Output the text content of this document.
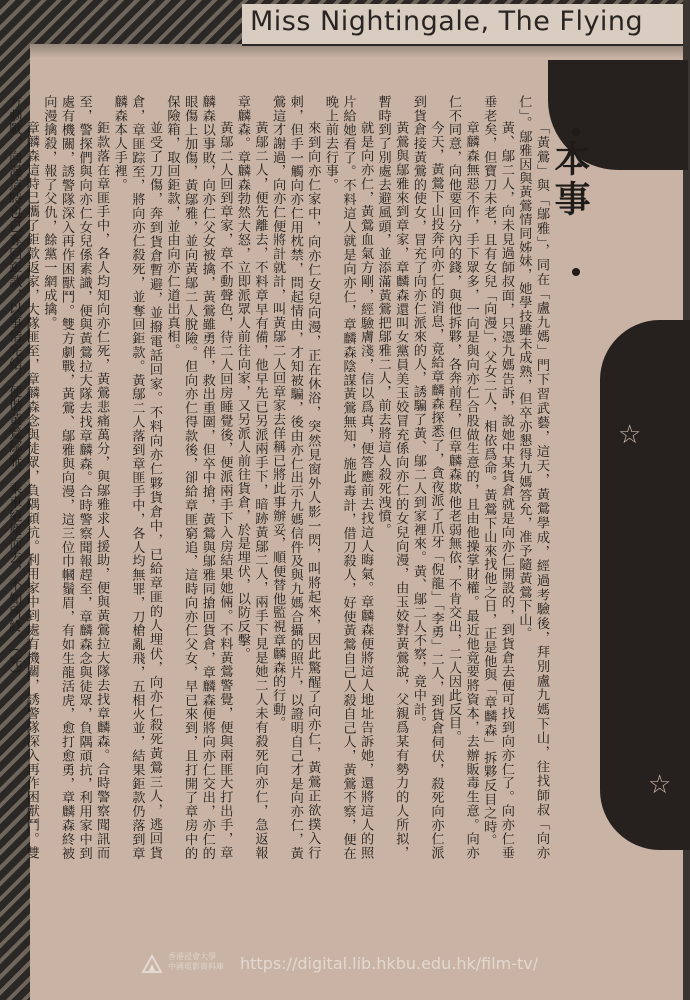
Miss Nightingale, The Flying
☆
☆
本事

「黃鶯」與「鄔雅」，同在「盧九媽」門下習武藝，這天，黃鶯學成，經過考驗後，拜別盧九媽下山，往找師叔「向亦仁」。鄔雅因與黃鶯情同姊妹，她學技雖未成熟，但卒亦懇得九媽答允，准予隨黃鶯下山。

黃、鄔二人，向未見過師叔面，只憑九媽告訴，說她中某貨倉就是向亦仁開設的，到貨倉去便可找到向亦仁了。向亦仁垂垂老矣，但寶刀未老，且有女兒「向漫」，父女二人，相依爲命。黃鶯下山來找他之日，正是他與「章麟森」拆夥反目之時。

章麟森無惡不作，手下眾多，一向是與向亦仁合股做生意的，且由他操掌財權。最近他竟要將資本，去辦販毒生意。向亦仁不同意，向他要回分內的錢，與他拆夥，各奔前程，但章麟森欺他老弱無依，不肯交出，二人因此反目。

今天，黃鶯下山投奔向亦仁的消息，竟給章麟森探悉了，貪夜派了爪牙「倪龍」「李勇」二人，到貨倉伺伏，殺死向亦仁派到貨倉接黃鶯的使女，冒充了向亦仁派來的人，誘騙了黃、鄔二人到家裡來。黃、鄔二人不察，竟中計。

黃鶯與鄔雅來到章家，章麟森還叫女黨員美玉姣冒充係向亦仁的女兒向漫，由玉姣對黃鶯說，父親爲某有勢力的人所拟，暫時到了別處去避風頭，並添滿黃鶯把鄔雅二人，前去將這人殺死洩憤。

就是向亦仁，黃鶯血氣方剛，經驗膚淺，信以爲真，便答應前去找這人晦氣。章麟森便將這人地址告訴她，還將這人的照片給她看了。不料這人就是向亦仁，章麟森陰謀黃鶯無知，施此毒計，借刀殺人，好使黃鶯自己人殺自己人，黃鶯不察，便在晚上前去行事。

來到向亦仁家中，向亦仁女兒向漫，正在休浴，突然見窗外人影一閃，叫將起來，因此驚醒了向亦仁，黃鶯正欲撲入行刺，但手一觸向亦仁用枕禁，問起情由，才知被騙，後由亦仁出示九媽信件及與九媽合攝的照片，以證明自己才是向亦仁，黃鶯這才謝過，向亦仁便將計就計，叫黃鄔二人回章家去佯稱已將此事辦妥，順便替他監視章麟森的行動。

黃鄔二人，便先離去，不料章早有備，他早先已另派兩手下，暗跡黃鄔二人，兩手下見是她二人未有殺死向亦仁，急返報章麟森。章麟森勃然大怒，立即派眾人前往向家，又另派人前往貨倉，於是埋伏，以防反擊。

黃鄔二人回到章家，章不動聲色，待二人回房睡覺後，便派兩手下入房結果她倆。不料黃鶯警覺，便與兩匪大打出手，章麟森以事敗，向亦仁父女被擒，黃鶯雖勇伴，救出重圍，但卒中搶，黃鶯與鄔雅同搶回貨倉，章麟森便將向亦仁交出，亦仁的眼傷上加傷，黃鄔雅，並向黃鄔二人脫險。但向亦仁得款後，卻給章匪窮追，這時向亦仁父女，早已來到，且打開了章房中的保險箱，取回鉅款，並由向亦仁道出真相。

並受了刀傷，奔到貨倉暫避，並撥電話回家。不料向亦仁夥貨倉中，已給章匪的人埋伏，向亦仁殺死黃鶯三人，逃回貨倉，章匪踪至，將向亦仁殺死，並奪回鉅款。黃鄔二人落到章匪手中，各人均無罪，刀槍亂飛，五相火並，結果鉅款仍落到章麟森本人手裡。

鉅款落在章匪手中，各人均知向亦仁死，黃鶯悲痛萬分，與鄔雅求人援助，便與黃鶯拉大隊去找章麟森。合時警察聞訊而至，警探們與向亦仁女兒係素識，便與黃鶯拉大隊去找章麟森。合時警察聞報趕至，章麟森念與徒眾，負隅頑抗，利用家中到處有機關，誘警隊深入再作困獸鬥。雙方劇戰，黃鶯、鄔雅與向漫，這三位巾幗鬚眉，有如生龍活虎，愈打愈勇，章麟森終被向漫擒殺，報了父仇，餘黨一網成擒。

章麟森這時已攜了鉅款返家，大隊匪至，章麟森念與徒眾，負隅頑抗。利用家中到處有機關，誘警隊深入再作困獸鬥。雙方劇戰，向漫這時也已奪回鉅款，以事情完結，便偕黃鶯鄔雅，乘車絕塵而去，不知所終。（完）

香港浸會大學
中國電影資料庫	https://digital.lib.hkbu.edu.hk/film-tv/
